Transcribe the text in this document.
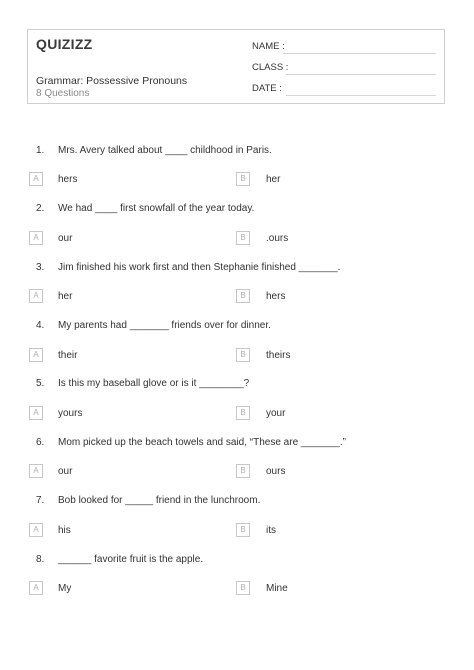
QUIZIZZ
Grammar: Possessive Pronouns
8 Questions
NAME :
CLASS :
DATE :
1. Mrs. Avery talked about ____ childhood in Paris.
A	hers	B	her
2. We had ____ first snowfall of the year today.
A	our	B	.ours
3. Jim finished his work first and then Stephanie finished _______.
A	her	B	hers
4. My parents had _______ friends over for dinner.
A	their	B	theirs
5. Is this my baseball glove or is it ________?
A	yours	B	your
6. Mom picked up the beach towels and said, “These are _______.”
A	our	B	ours
7. Bob looked for _____ friend in the lunchroom.
A	his	B	its
8. ______ favorite fruit is the apple.
A	My	B	Mine
